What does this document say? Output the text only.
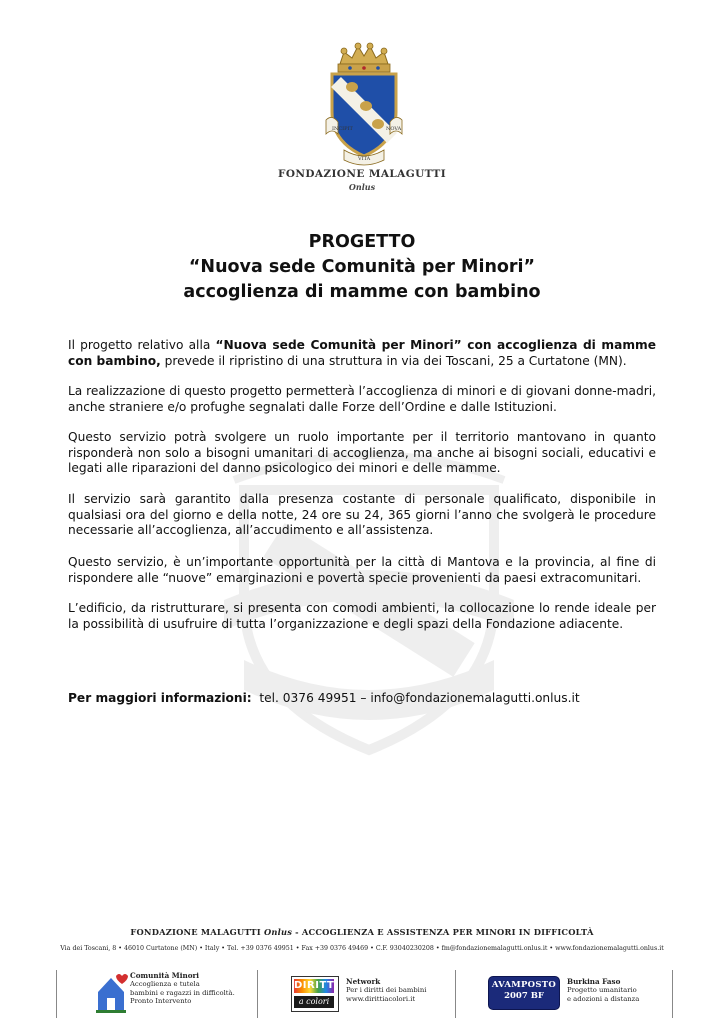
INCIPIT
VITA
NOVA
FONDAZIONE MALAGUTTI
Onlus
PROGETTO
“Nuova sede Comunità per Minori”
accoglienza di mamme con bambino
Il progetto relativo alla “Nuova sede Comunità per Minori” con accoglienza di mamme con bambino, prevede il ripristino di una struttura in via dei Toscani, 25 a Curtatone (MN).
La realizzazione di questo progetto permetterà l’accoglienza di minori e di giovani donne-madri, anche straniere e/o profughe segnalati dalle Forze dell’Ordine e dalle Istituzioni.
Questo servizio potrà svolgere un ruolo importante per il territorio mantovano in quanto risponderà non solo a bisogni umanitari di accoglienza, ma anche ai bisogni sociali, educativi e legati alle riparazioni del danno psicologico dei minori e delle mamme.
Il servizio sarà garantito dalla presenza costante di personale qualificato, disponibile in qualsiasi ora del giorno e della notte, 24 ore su 24, 365 giorni l’anno che svolgerà le procedure necessarie all’accoglienza, all’accudimento e all’assistenza.
Questo servizio, è un’importante opportunità per la città di Mantova e la provincia, al fine di rispondere alle “nuove” emarginazioni e povertà specie provenienti da paesi extracomunitari.
L’edificio, da ristrutturare, si presenta con comodi ambienti, la collocazione lo rende ideale per la possibilità di usufruire di tutta l’organizzazione e degli spazi della Fondazione adiacente.
Per maggiori informazioni: tel. 0376 49951 – info@fondazionemalagutti.onlus.it
FONDAZIONE MALAGUTTI Onlus - ACCOGLIENZA E ASSISTENZA PER MINORI IN DIFFICOLTÀ
Via dei Toscani, 8 • 46010 Curtatone (MN) • Italy • Tel. +39 0376 49951 • Fax +39 0376 49469 • C.F. 93040230208 • fm@fondazionemalagutti.onlus.it • www.fondazionemalagutti.onlus.it
Comunità Minori
Accoglienza e tutela
bambini e ragazzi in difficoltà.
Pronto Intervento
DIRITTI
a colori
Network
Per i diritti dei bambini
www.dirittiacolori.it
AVAMPOSTO
2007 BF
Burkina Faso
Progetto umanitario
e adozioni a distanza
